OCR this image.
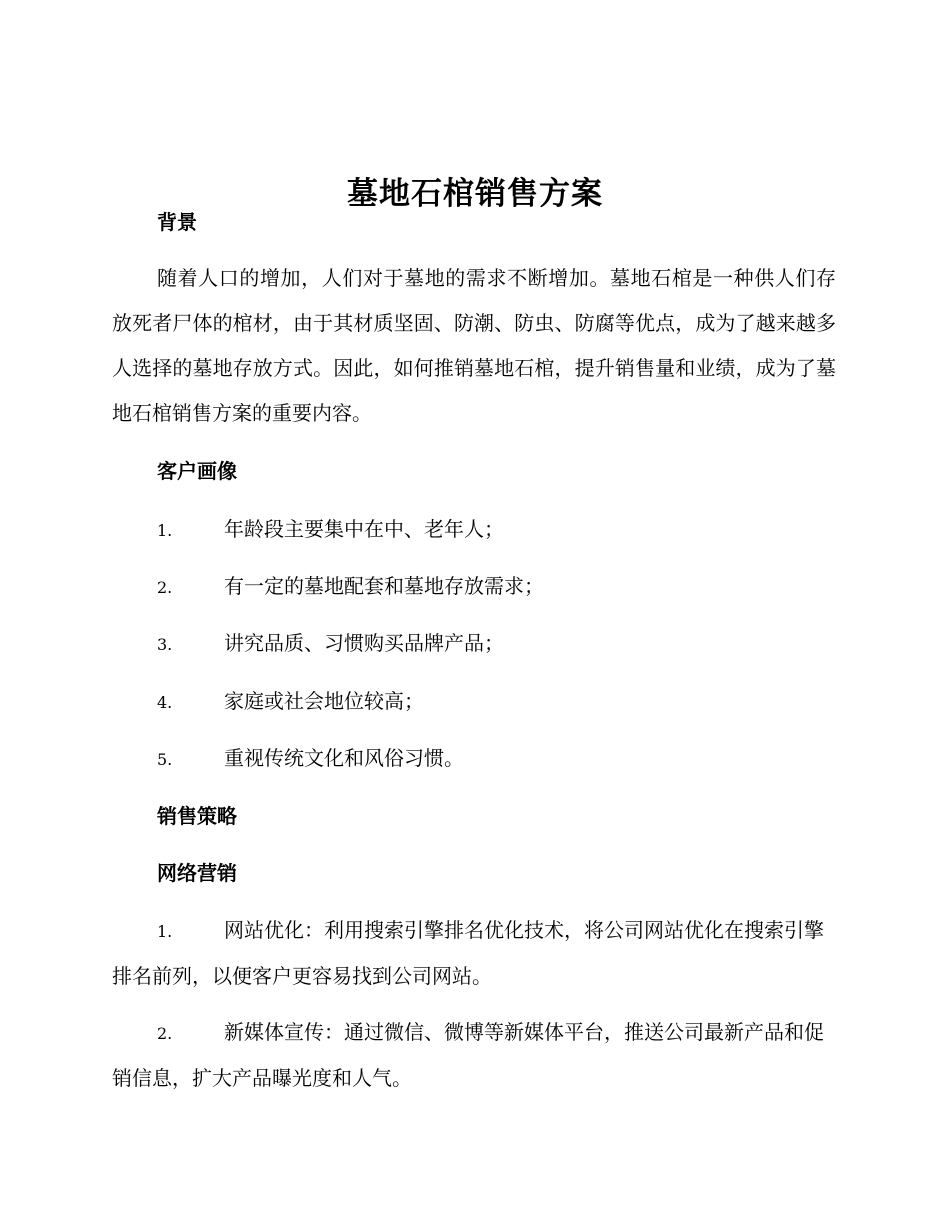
墓地石棺销售方案
背景

随着人口的增加，人们对于墓地的需求不断增加。墓地石棺是一种供人们存放死者尸体的棺材，由于其材质坚固、防潮、防虫、防腐等优点，成为了越来越多人选择的墓地存放方式。因此，如何推销墓地石棺，提升销售量和业绩，成为了墓地石棺销售方案的重要内容。

客户画像
1.	年龄段主要集中在中、老年人；
2.	有一定的墓地配套和墓地存放需求；
3.	讲究品质、习惯购买品牌产品；
4.	家庭或社会地位较高；
5.	重视传统文化和风俗习惯。
销售策略
网络营销
1.	网站优化：利用搜索引擎排名优化技术，将公司网站优化在搜索引擎排名前列，以便客户更容易找到公司网站。
2.	新媒体宣传：通过微信、微博等新媒体平台，推送公司最新产品和促销信息，扩大产品曝光度和人气。
